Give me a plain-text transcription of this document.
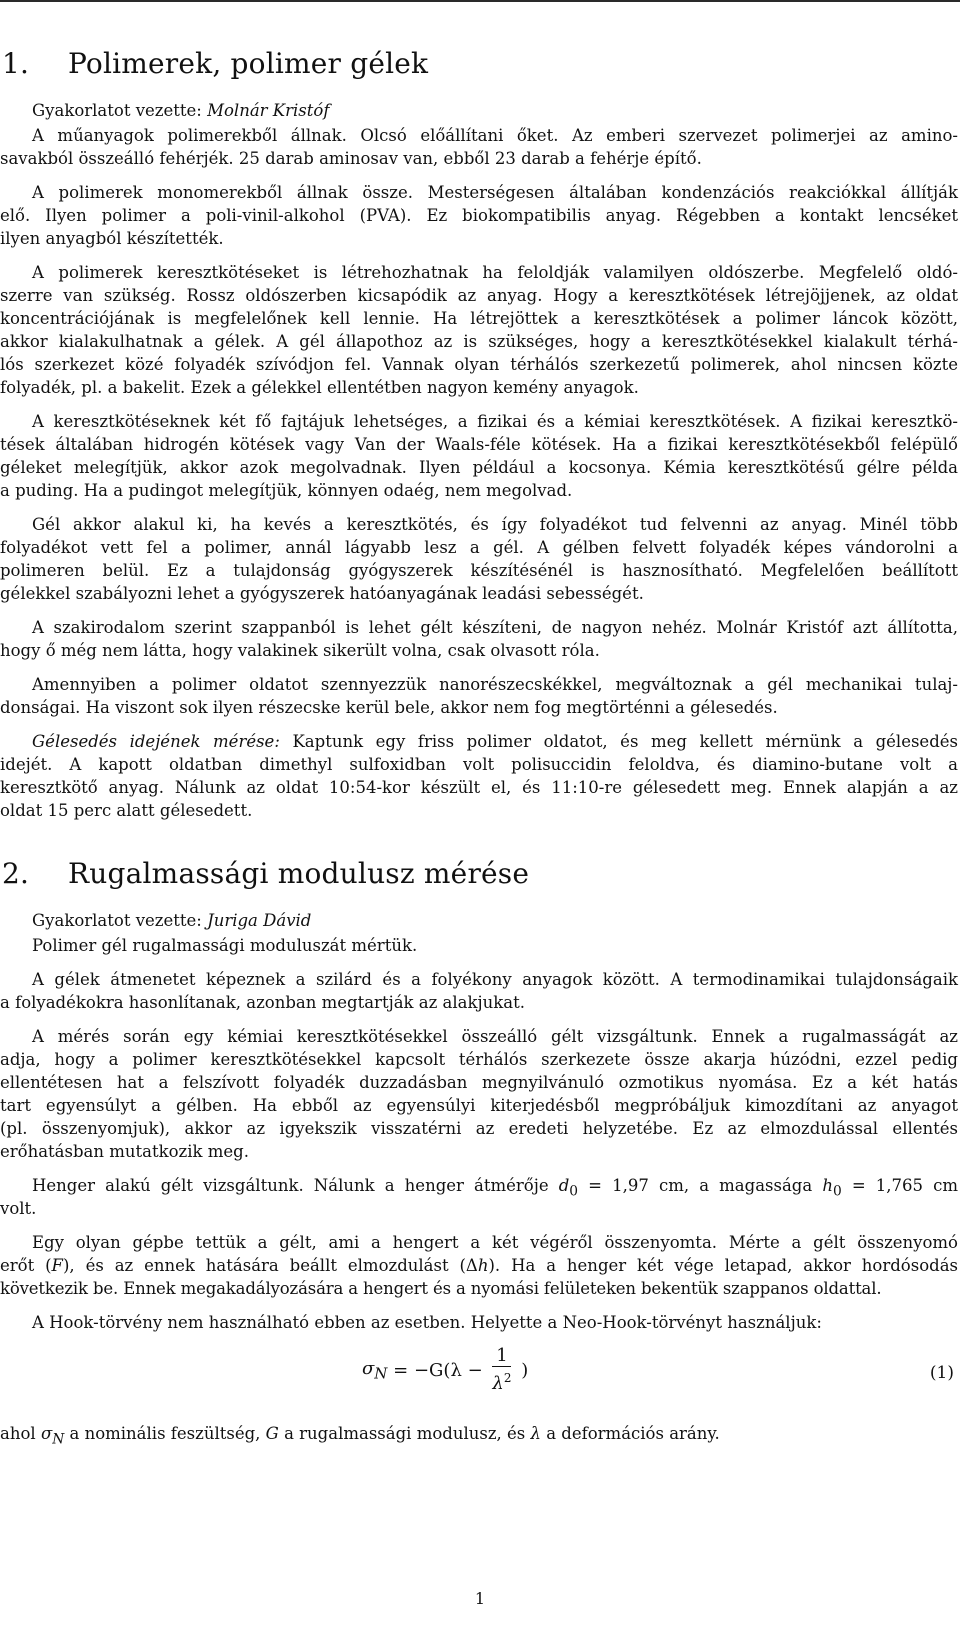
1. Polimerek, polimer gélek
Gyakorlatot vezette: Molnár Kristóf
A műanyagok polimerekből állnak. Olcsó előállítani őket. Az emberi szervezet polimerjei az amino-
savakból összeálló fehérjék. 25 darab aminosav van, ebből 23 darab a fehérje építő.
A polimerek monomerekből állnak össze. Mesterségesen általában kondenzációs reakciókkal állítják
elő. Ilyen polimer a poli-vinil-alkohol (PVA). Ez biokompatibilis anyag. Régebben a kontakt lencséket
ilyen anyagból készítették.
A polimerek keresztkötéseket is létrehozhatnak ha feloldják valamilyen oldószerbe. Megfelelő oldó-
szerre van szükség. Rossz oldószerben kicsapódik az anyag. Hogy a keresztkötések létrejöjjenek, az oldat
koncentrációjának is megfelelőnek kell lennie. Ha létrejöttek a keresztkötések a polimer láncok között,
akkor kialakulhatnak a gélek. A gél állapothoz az is szükséges, hogy a keresztkötésekkel kialakult térhá-
lós szerkezet közé folyadék szívódjon fel. Vannak olyan térhálós szerkezetű polimerek, ahol nincsen közte
folyadék, pl. a bakelit. Ezek a gélekkel ellentétben nagyon kemény anyagok.
A keresztkötéseknek két fő fajtájuk lehetséges, a fizikai és a kémiai keresztkötések. A fizikai keresztkö-
tések általában hidrogén kötések vagy Van der Waals-féle kötések. Ha a fizikai keresztkötésekből felépülő
géleket melegítjük, akkor azok megolvadnak. Ilyen például a kocsonya. Kémia keresztkötésű gélre példa
a puding. Ha a pudingot melegítjük, könnyen odaég, nem megolvad.
Gél akkor alakul ki, ha kevés a keresztkötés, és így folyadékot tud felvenni az anyag. Minél több
folyadékot vett fel a polimer, annál lágyabb lesz a gél. A gélben felvett folyadék képes vándorolni a
polimeren belül. Ez a tulajdonság gyógyszerek készítésénél is hasznosítható. Megfelelően beállított
gélekkel szabályozni lehet a gyógyszerek hatóanyagának leadási sebességét.
A szakirodalom szerint szappanból is lehet gélt készíteni, de nagyon nehéz. Molnár Kristóf azt állította,
hogy ő még nem látta, hogy valakinek sikerült volna, csak olvasott róla.
Amennyiben a polimer oldatot szennyezzük nanorészecskékkel, megváltoznak a gél mechanikai tulaj-
donságai. Ha viszont sok ilyen részecske kerül bele, akkor nem fog megtörténni a gélesedés.
Gélesedés idejének mérése: Kaptunk egy friss polimer oldatot, és meg kellett mérnünk a gélesedés
idejét. A kapott oldatban dimethyl sulfoxidban volt polisuccidin feloldva, és diamino-butane volt a
keresztkötő anyag. Nálunk az oldat 10:54-kor készült el, és 11:10-re gélesedett meg. Ennek alapján a az
oldat 15 perc alatt gélesedett.
2. Rugalmassági modulusz mérése
Gyakorlatot vezette: Juriga Dávid
Polimer gél rugalmassági moduluszát mértük.
A gélek átmenetet képeznek a szilárd és a folyékony anyagok között. A termodinamikai tulajdonságaik
a folyadékokra hasonlítanak, azonban megtartják az alakjukat.
A mérés során egy kémiai keresztkötésekkel összeálló gélt vizsgáltunk. Ennek a rugalmasságát az
adja, hogy a polimer keresztkötésekkel kapcsolt térhálós szerkezete össze akarja húzódni, ezzel pedig
ellentétesen hat a felszívott folyadék duzzadásban megnyilvánuló ozmotikus nyomása. Ez a két hatás
tart egyensúlyt a gélben. Ha ebből az egyensúlyi kiterjedésből megpróbáljuk kimozdítani az anyagot
(pl. összenyomjuk), akkor az igyekszik visszatérni az eredeti helyzetébe. Ez az elmozdulással ellentés
erőhatásban mutatkozik meg.
Henger alakú gélt vizsgáltunk. Nálunk a henger átmérője $d_0 = 1,97$ cm, a magassága $h_0 = 1,765$ cm
volt.
Egy olyan gépbe tettük a gélt, ami a hengert a két végéről összenyomta. Mérte a gélt összenyomó
erőt (F), és az ennek hatására beállt elmozdulást (Δh). Ha a henger két vége letapad, akkor hordósodás
következik be. Ennek megakadályozására a hengert és a nyomási felületeken bekentük szappanos oldattal.
A Hook-törvény nem használható ebben az esetben. Helyette a Neo-Hook-törvényt használjuk:
$\sigma_N = -G(\lambda - \frac{1}{\lambda^2}$ )	(1)
ahol $\sigma_N$ a nominális feszültség, G a rugalmassági modulusz, és λ a deformációs arány.
1
